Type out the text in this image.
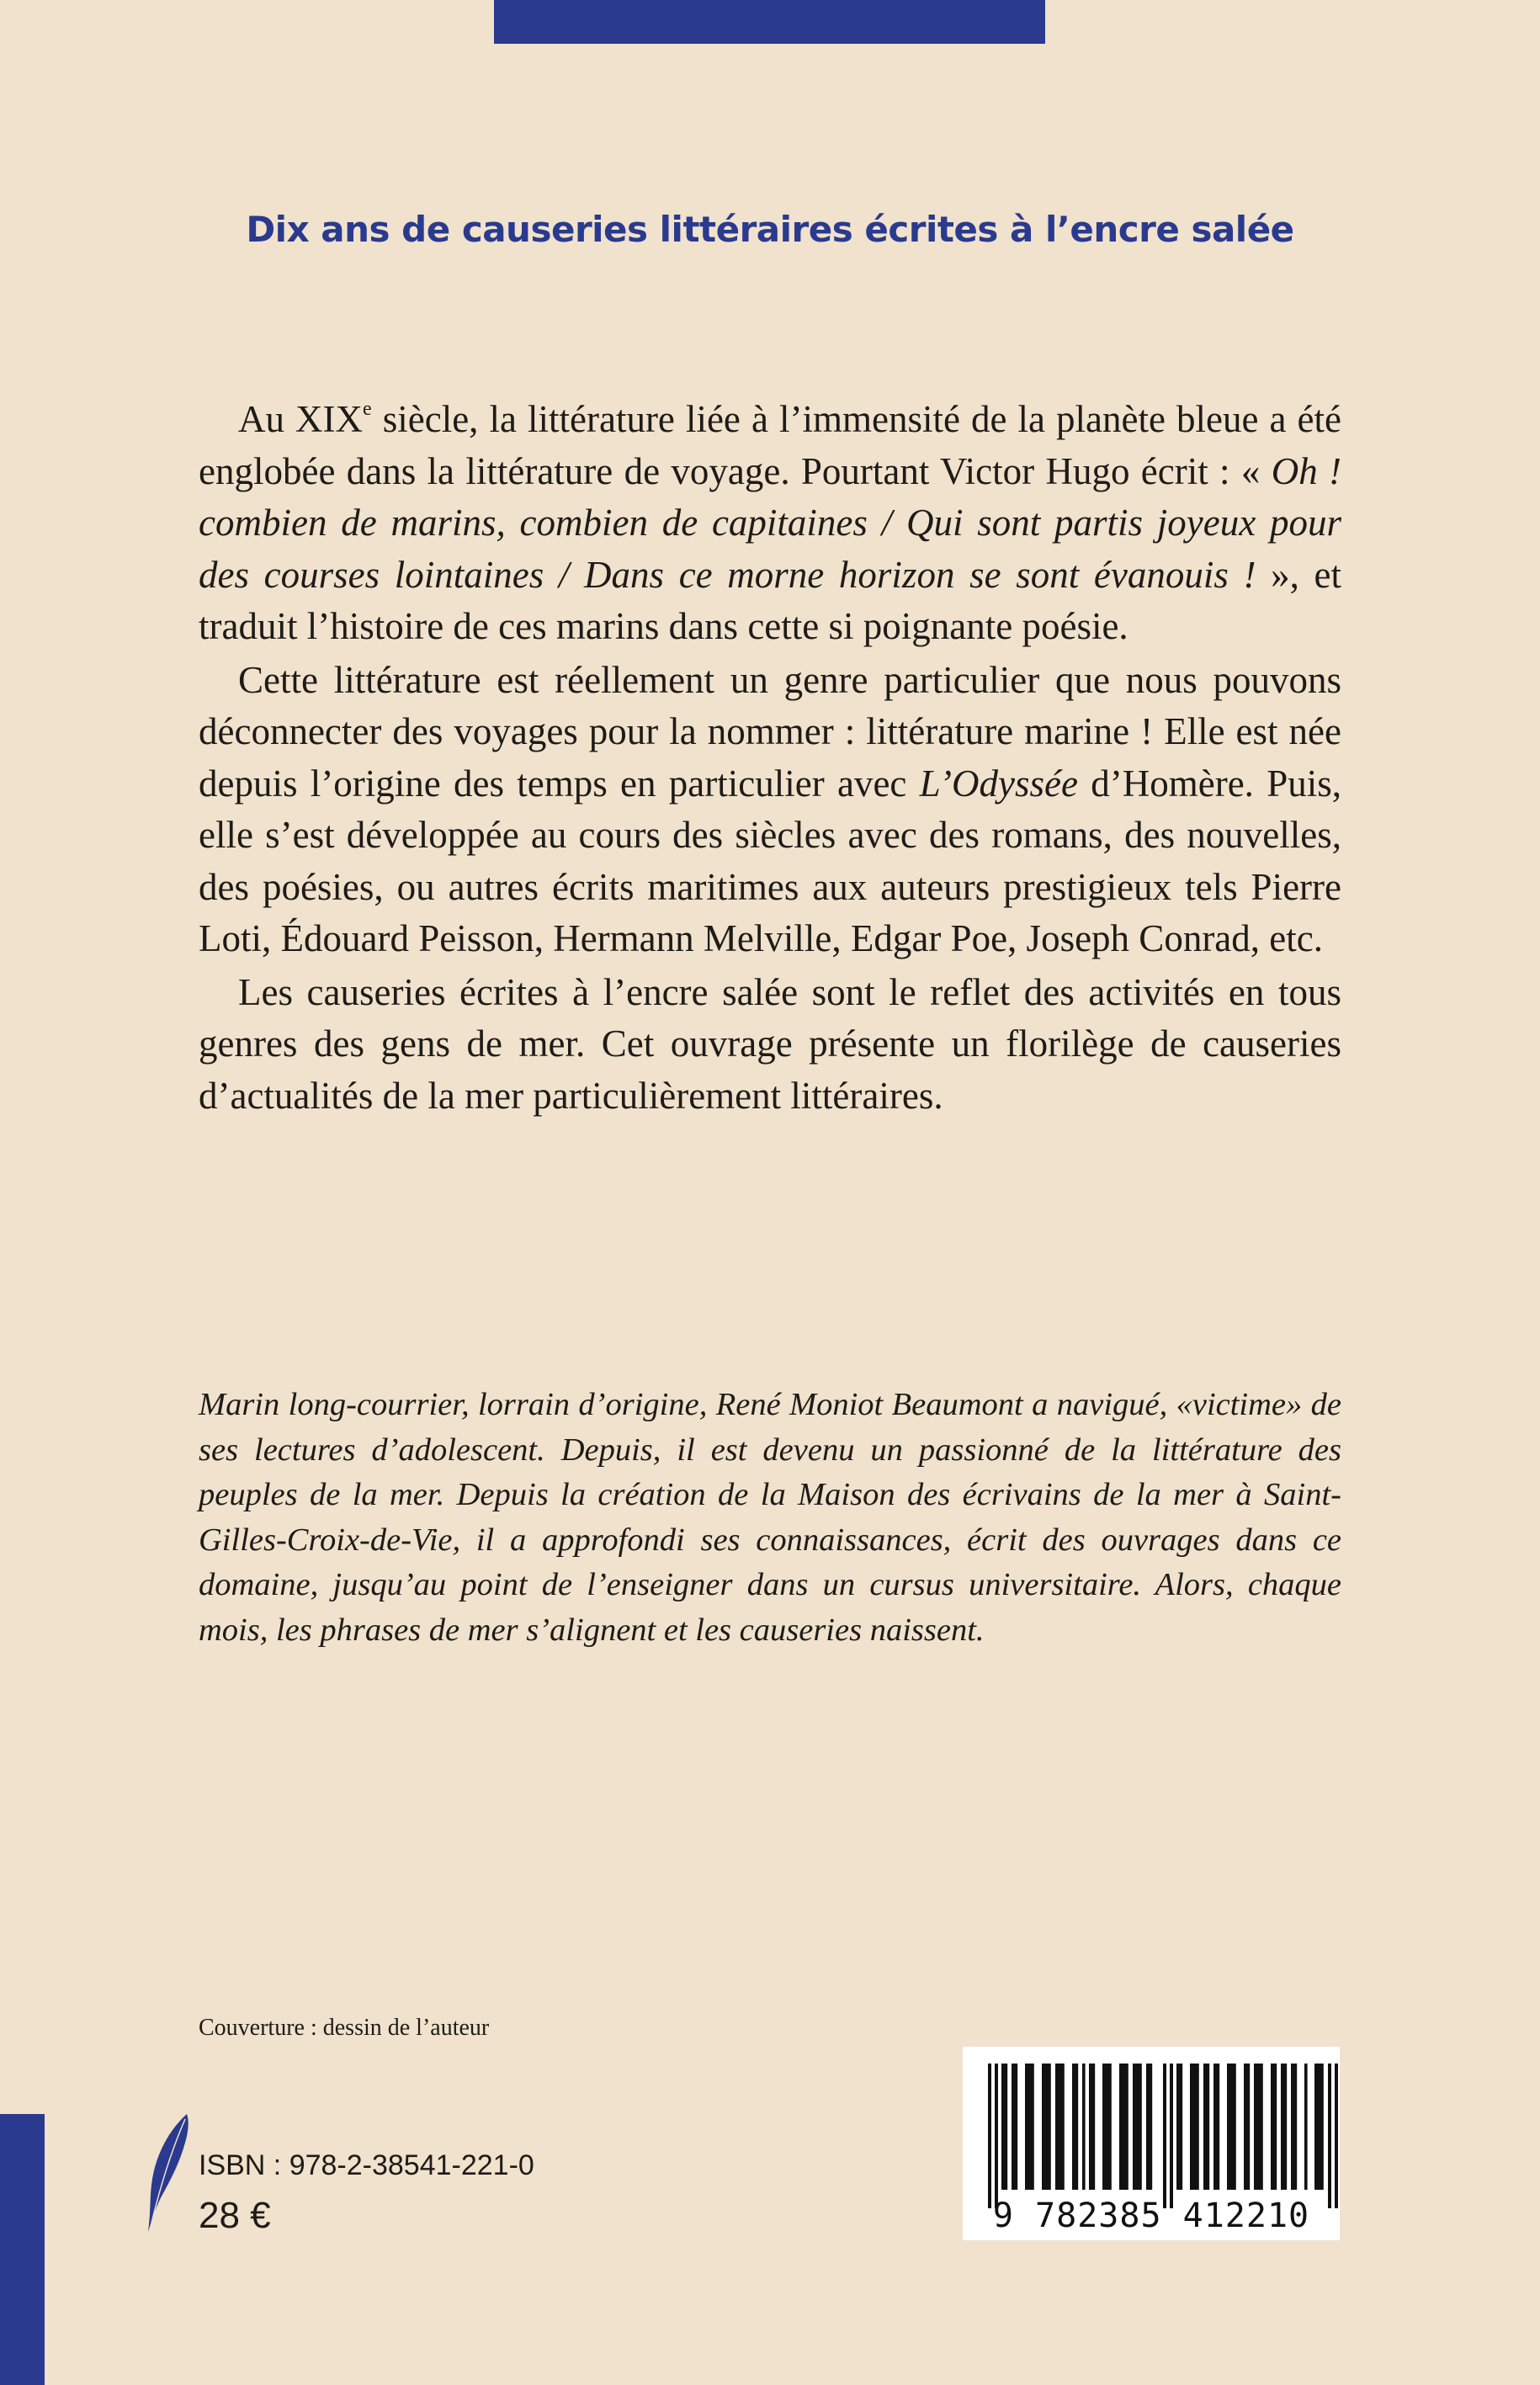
Dix ans de causeries littéraires écrites à l’encre salée

Au XIXe siècle, la littérature liée à l’immensité de la planète bleue a été englobée dans la littérature de voyage. Pourtant Victor Hugo écrit : « Oh ! combien de marins, combien de capitaines / Qui sont partis joyeux pour des courses lointaines / Dans ce morne horizon se sont évanouis ! », et traduit l’histoire de ces marins dans cette si poignante poésie.

Cette littérature est réellement un genre particulier que nous pouvons déconnecter des voyages pour la nommer : littérature marine ! Elle est née depuis l’origine des temps en particulier avec L’Odyssée d’Homère. Puis, elle s’est développée au cours des siècles avec des romans, des nouvelles, des poésies, ou autres écrits maritimes aux auteurs prestigieux tels Pierre Loti, Édouard Peisson, Hermann Melville, Edgar Poe, Joseph Conrad, etc.

Les causeries écrites à l’encre salée sont le reflet des activités en tous genres des gens de mer. Cet ouvrage présente un florilège de causeries d’actualités de la mer particulièrement littéraires.

Marin long-courrier, lorrain d’origine, René Moniot Beaumont a navigué, «victime» de ses lectures d’adolescent. Depuis, il est devenu un passionné de la littérature des peuples de la mer. Depuis la création de la Maison des écrivains de la mer à Saint-Gilles-Croix-de-Vie, il a approfondi ses connaissances, écrit des ouvrages dans ce domaine, jusqu’au point de l’enseigner dans un cursus universitaire. Alors, chaque mois, les phrases de mer s’alignent et les causeries naissent.

Couverture : dessin de l’auteur

ISBN : 978-2-38541-221-0

28 €	9 782385 412210
